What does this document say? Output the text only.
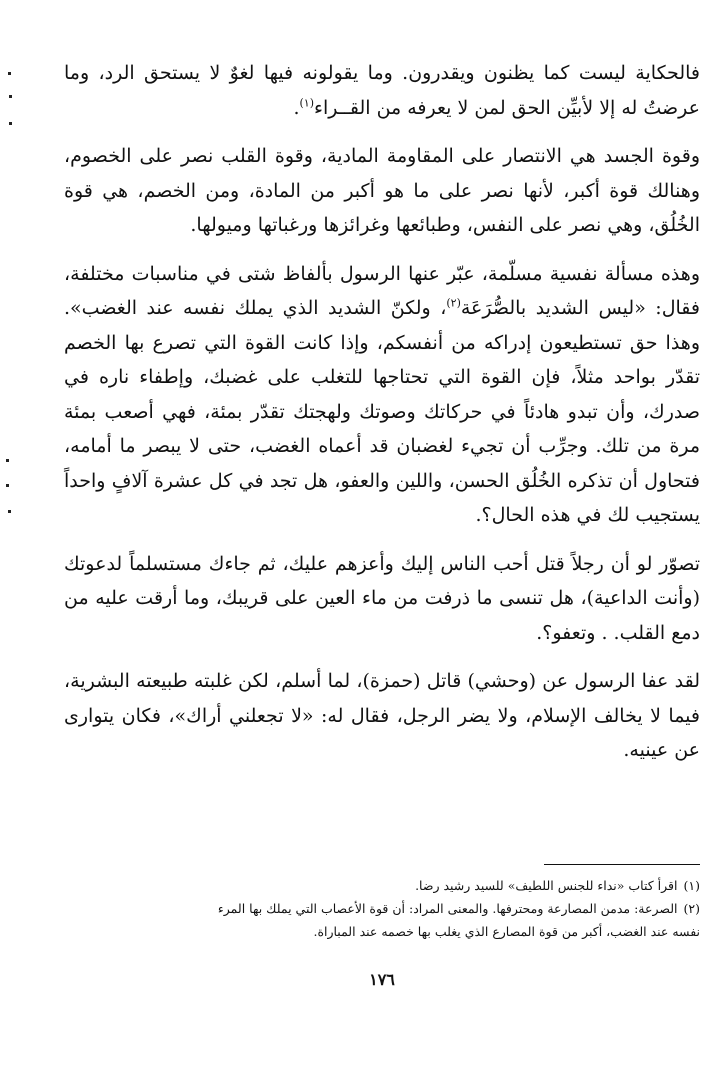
فالحكاية ليست كما يظنون ويقدرون. وما يقولونه فيها لغوٌ لا يستحق الرد، وما عرضتُ له إلا لأبيِّن الحق لمن لا يعرفه من القــراء$^{(١)}$.

وقوة الجسد هي الانتصار على المقاومة المادية، وقوة القلب نصر على الخصوم، وهنالك قوة أكبر، لأنها نصر على ما هو أكبر من المادة، ومن الخصم، هي قوة الخُلُق، وهي نصر على النفس، وطبائعها وغرائزها ورغباتها وميولها.

وهذه مسألة نفسية مسلّمة، عبّر عنها الرسول بألفاظ شتى في مناسبات مختلفة، فقال: «ليس الشديد بالصُّرَعَة$^{(٢)}$، ولكنّ الشديد الذي يملك نفسه عند الغضب». وهذا حق تستطيعون إدراكه من أنفسكم، وإذا كانت القوة التي تصرع بها الخصم تقدّر بواحد مثلاً، فإن القوة التي تحتاجها للتغلب على غضبك، وإطفاء ناره في صدرك، وأن تبدو هادئاً في حركاتك وصوتك ولهجتك تقدّر بمئة، فهي أصعب بمئة مرة من تلك. وجرِّب أن تجيء لغضبان قد أعماه الغضب، حتى لا يبصر ما أمامه، فتحاول أن تذكره الخُلُق الحسن، واللين والعفو، هل تجد في كل عشرة آلافٍ واحداً يستجيب لك في هذه الحال؟.

تصوّر لو أن رجلاً قتل أحب الناس إليك وأعزهم عليك، ثم جاءك مستسلماً لدعوتك (وأنت الداعية)، هل تنسى ما ذرفت من ماء العين على قريبك، وما أرقت عليه من دمع القلب. . وتعفو؟.

لقد عفا الرسول عن (وحشي) قاتل (حمزة)، لما أسلم، لكن غلبته طبيعته البشرية، فيما لا يخالف الإسلام، ولا يضر الرجل، فقال له: «لا تجعلني أراك»، فكان يتوارى عن عينيه.

(١)اقرأ كتاب «نداء للجنس اللطيف» للسيد رشيد رضا.

(٢)الصرعة: مدمن المصارعة ومحترفها. والمعنى المراد: أن قوة الأعصاب التي يملك بها المرء

نفسه عند الغضب، أكبر من قوة المصارع الذي يغلب بها خصمه عند المباراة.

١٧٦
